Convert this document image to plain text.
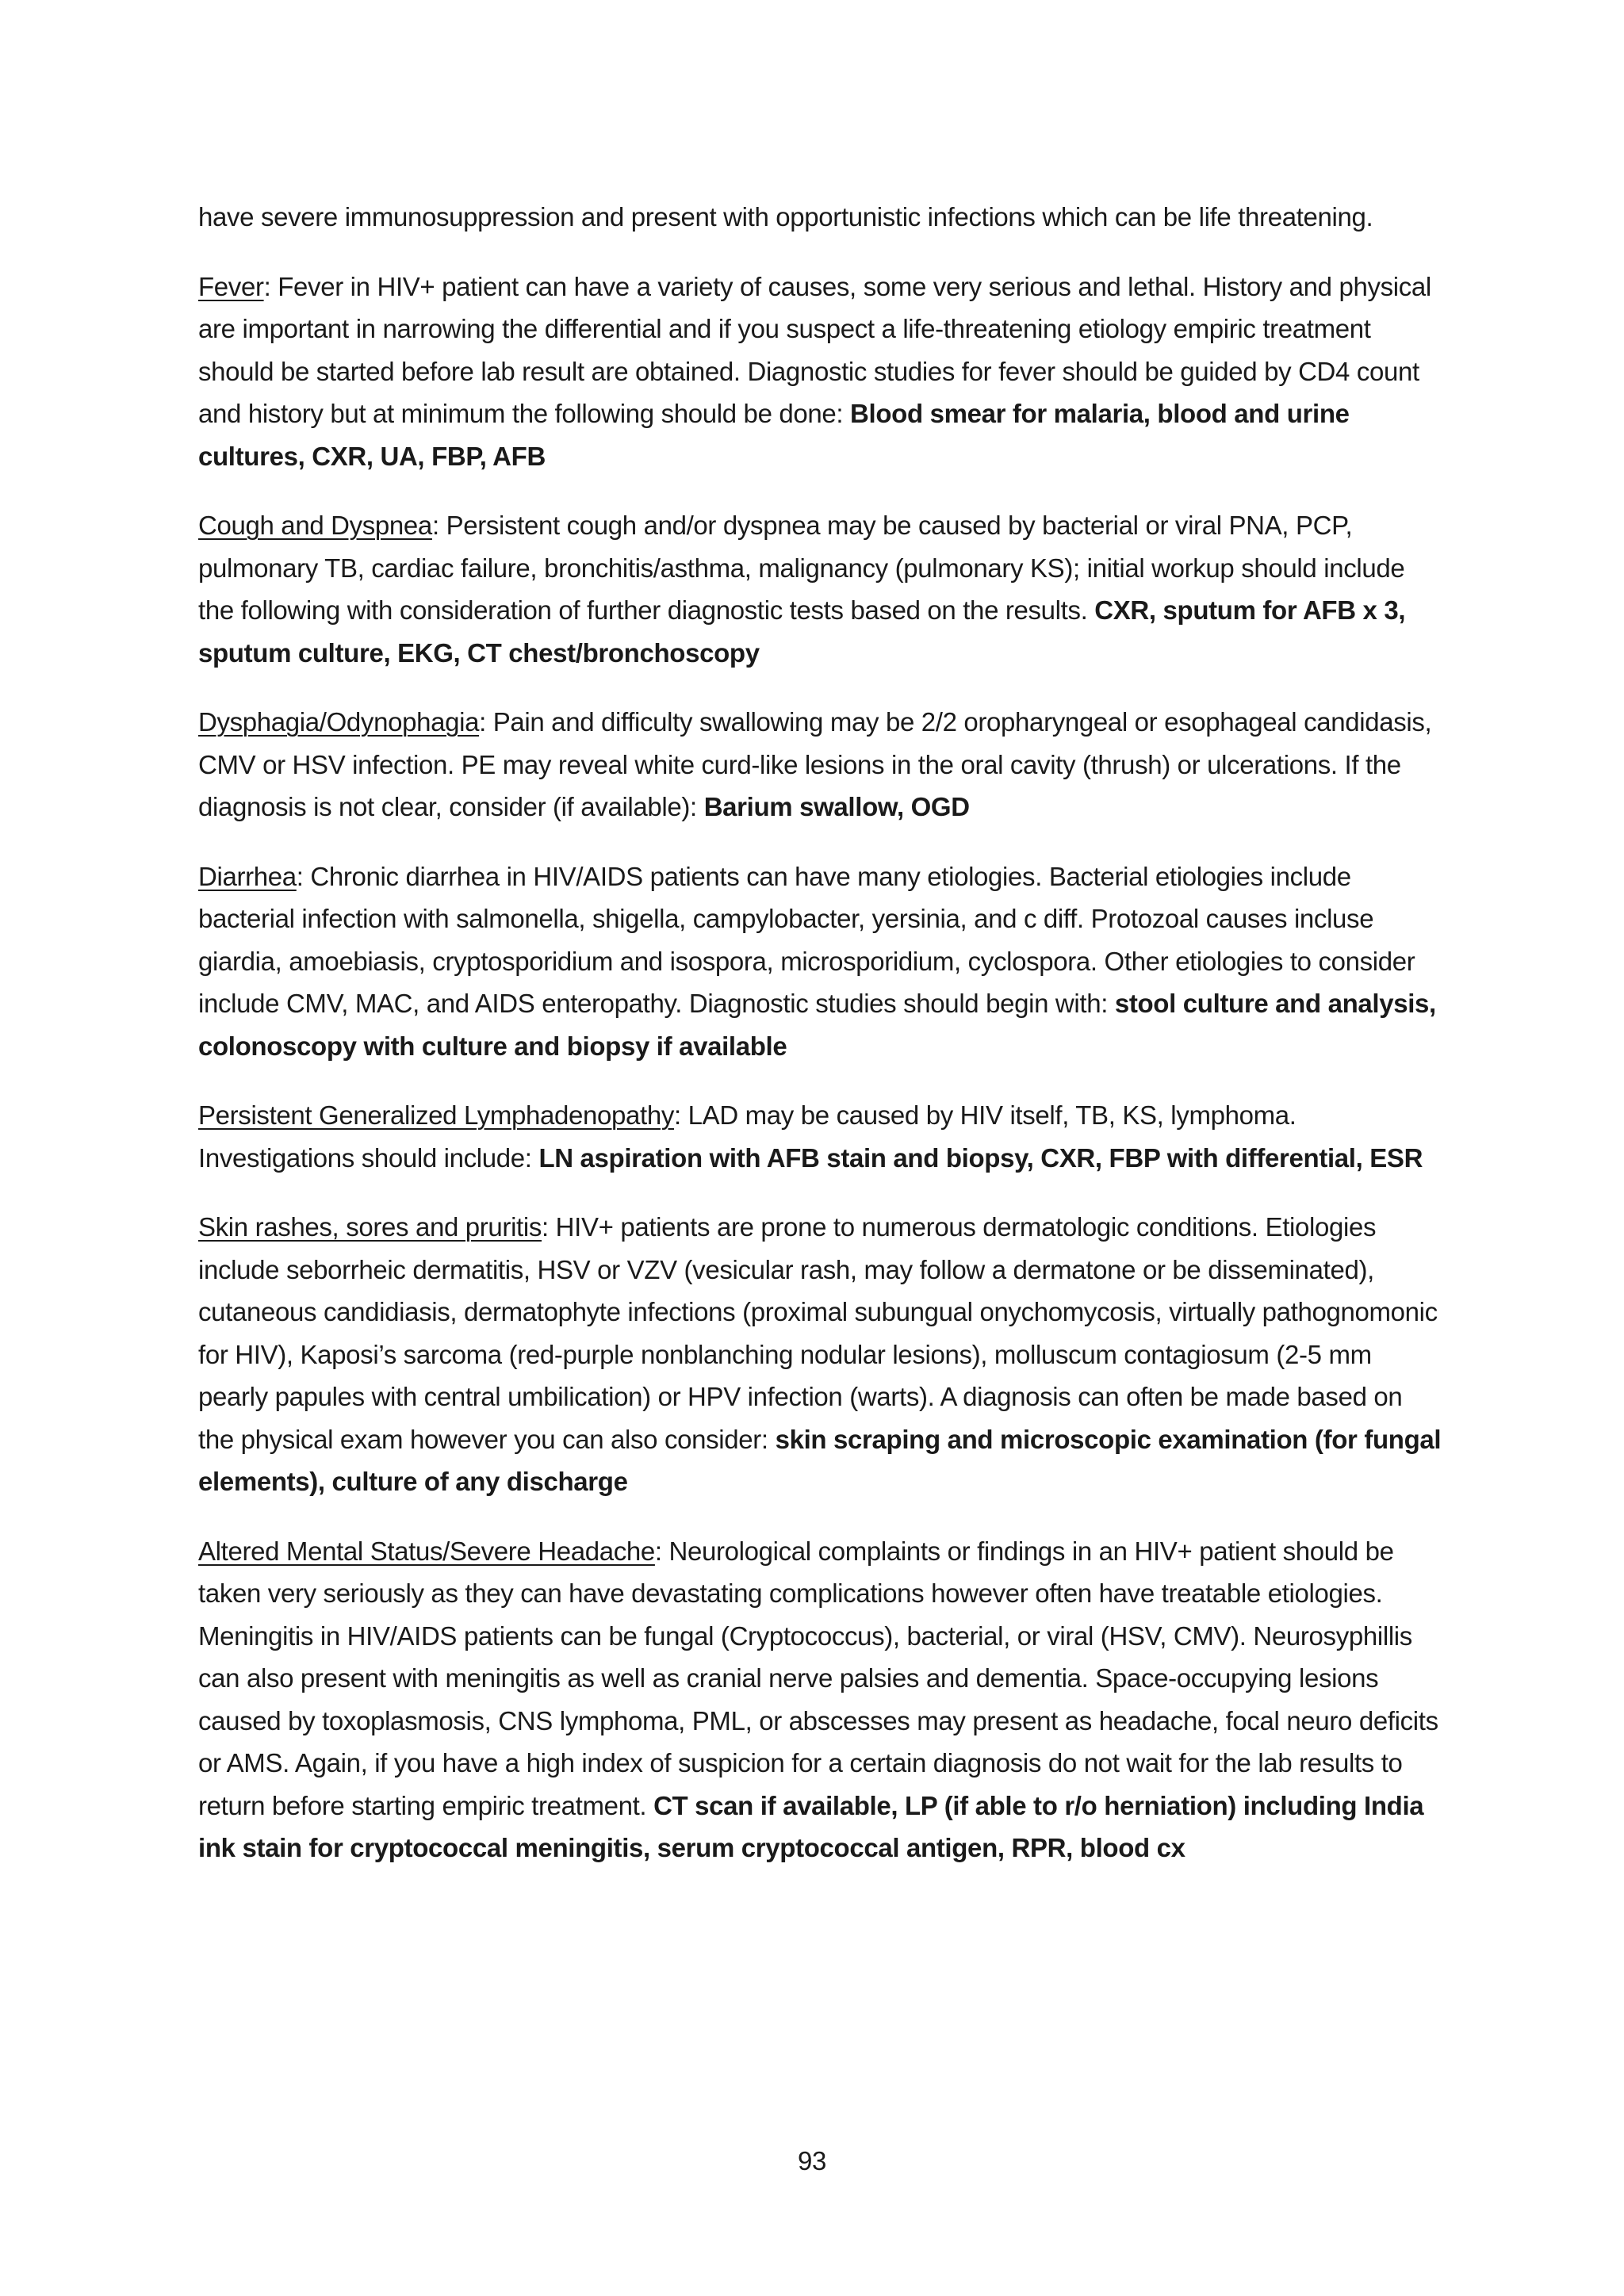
have severe immunosuppression and present with opportunistic infections which can be life threatening.

Fever: Fever in HIV+ patient can have a variety of causes, some very serious and lethal. History and physical are important in narrowing the differential and if you suspect a life-threatening etiology empiric treatment should be started before lab result are obtained. Diagnostic studies for fever should be guided by CD4 count and history but at minimum the following should be done: Blood smear for malaria, blood and urine cultures, CXR, UA, FBP, AFB

Cough and Dyspnea: Persistent cough and/or dyspnea may be caused by bacterial or viral PNA, PCP, pulmonary TB, cardiac failure, bronchitis/asthma, malignancy (pulmonary KS); initial workup should include the following with consideration of further diagnostic tests based on the results. CXR, sputum for AFB x 3, sputum culture, EKG, CT chest/bronchoscopy

Dysphagia/Odynophagia: Pain and difficulty swallowing may be 2/2 oropharyngeal or esophageal candidasis, CMV or HSV infection. PE may reveal white curd-like lesions in the oral cavity (thrush) or ulcerations. If the diagnosis is not clear, consider (if available): Barium swallow, OGD

Diarrhea: Chronic diarrhea in HIV/AIDS patients can have many etiologies. Bacterial etiologies include bacterial infection with salmonella, shigella, campylobacter, yersinia, and c diff. Protozoal causes incluse giardia, amoebiasis, cryptosporidium and isospora, microsporidium, cyclospora. Other etiologies to consider include CMV, MAC, and AIDS enteropathy. Diagnostic studies should begin with: stool culture and analysis, colonoscopy with culture and biopsy if available

Persistent Generalized Lymphadenopathy: LAD may be caused by HIV itself, TB, KS, lymphoma. Investigations should include: LN aspiration with AFB stain and biopsy, CXR, FBP with differential, ESR

Skin rashes, sores and pruritis: HIV+ patients are prone to numerous dermatologic conditions. Etiologies include seborrheic dermatitis, HSV or VZV (vesicular rash, may follow a dermatone or be disseminated), cutaneous candidiasis, dermatophyte infections (proximal subungual onychomycosis, virtually pathognomonic for HIV), Kaposi’s sarcoma (red-purple nonblanching nodular lesions), molluscum contagiosum (2-5 mm pearly papules with central umbilication) or HPV infection (warts). A diagnosis can often be made based on the physical exam however you can also consider: skin scraping and microscopic examination (for fungal elements), culture of any discharge

Altered Mental Status/Severe Headache: Neurological complaints or findings in an HIV+ patient should be taken very seriously as they can have devastating complications however often have treatable etiologies. Meningitis in HIV/AIDS patients can be fungal (Cryptococcus), bacterial, or viral (HSV, CMV). Neurosyphillis can also present with meningitis as well as cranial nerve palsies and dementia. Space-occupying lesions caused by toxoplasmosis, CNS lymphoma, PML, or abscesses may present as headache, focal neuro deficits or AMS. Again, if you have a high index of suspicion for a certain diagnosis do not wait for the lab results to return before starting empiric treatment. CT scan if available, LP (if able to r/o herniation) including India ink stain for cryptococcal meningitis, serum cryptococcal antigen, RPR, blood cx

93
